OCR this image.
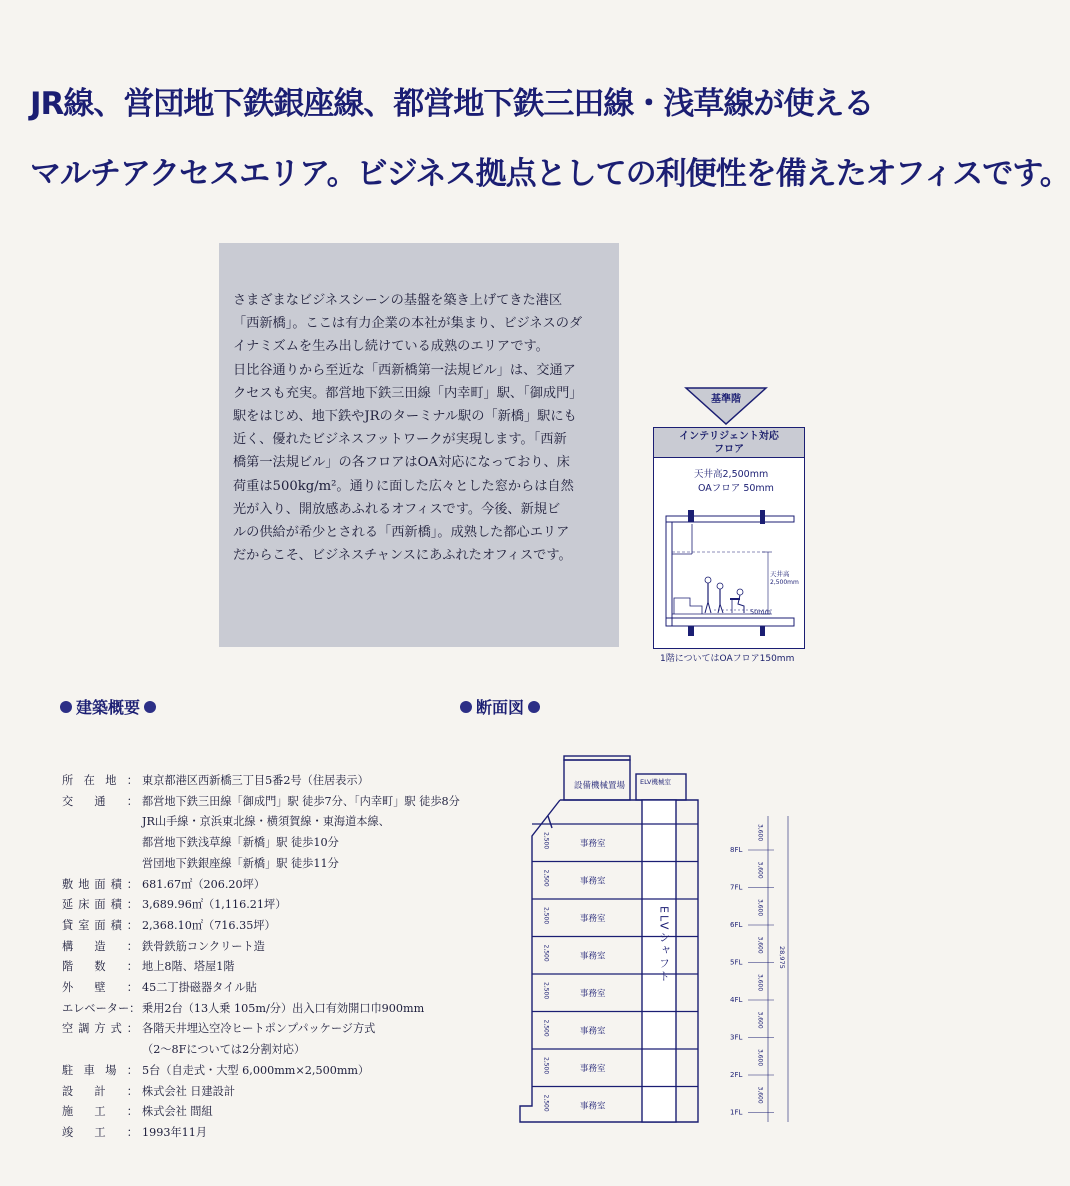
JR線、営団地下鉄銀座線、都営地下鉄三田線・浅草線が使える
マルチアクセスエリア。ビジネス拠点としての利便性を備えたオフィスです。

さまざまなビジネスシーンの基盤を築き上げてきた港区
「西新橋」。ここは有力企業の本社が集まり、ビジネスのダ
イナミズムを生み出し続けている成熟のエリアです。
日比谷通りから至近な「西新橋第一法規ビル」は、交通ア
クセスも充実。都営地下鉄三田線「内幸町」駅、「御成門」
駅をはじめ、地下鉄やJRのターミナル駅の「新橋」駅にも
近く、優れたビジネスフットワークが実現します。「西新
橋第一法規ビル」の各フロアはOA対応になっており、床
荷重は500kg/m²。通りに面した広々とした窓からは自然
光が入り、開放感あふれるオフィスです。今後、新規ビ
ルの供給が希少とされる「西新橋」。成熟した都心エリア
だからこそ、ビジネスチャンスにあふれたオフィスです。

基準階
インテリジェント対応
フロア
天井高2,500mm
OAフロア 50mm
天井高
2,500mm
50mm
1階についてはOAフロア150mm
建築概要	断面図
所 在 地 ： 東京都港区西新橋三丁目5番2号（住居表示）
交 通 ： 都営地下鉄三田線「御成門」駅 徒歩7分、「内幸町」駅 徒歩8分
JR山手線・京浜東北線・横須賀線・東海道本線、
都営地下鉄浅草線「新橋」駅 徒歩10分
営団地下鉄銀座線「新橋」駅 徒歩11分
敷 地 面 積 ： 681.67㎡（206.20坪）
延 床 面 積 ： 3,689.96㎡（1,116.21坪）
貸 室 面 積 ： 2,368.10㎡（716.35坪）
構 造 ： 鉄骨鉄筋コンクリート造
階 数 ： 地上8階、塔屋1階
外 壁 ： 45二丁掛磁器タイル貼
エレベーター ： 乗用2台（13人乗 105m/分）出入口有効開口巾900mm
空 調 方 式 ： 各階天井埋込空冷ヒートポンプパッケージ方式
（2～8Fについては2分割対応）
駐 車 場 ： 5台（自走式・大型 6,000mm×2,500mm）
設 計 ： 株式会社 日建設計
施 工 ： 株式会社 間組
竣 工 ： 1993年11月
設備機械置場 ELV機械室
ELVシャフト
事務室
2,500
事務室
2,500
事務室
2,500
事務室
2,500
事務室
2,500
事務室
2,500
事務室
2,500
事務室
2,500
8FL
3,600
7FL
3,600
6FL
3,600
5FL
3,600
4FL
3,600
3FL
3,600
2FL
3,600
1FL
3,600
28,975
